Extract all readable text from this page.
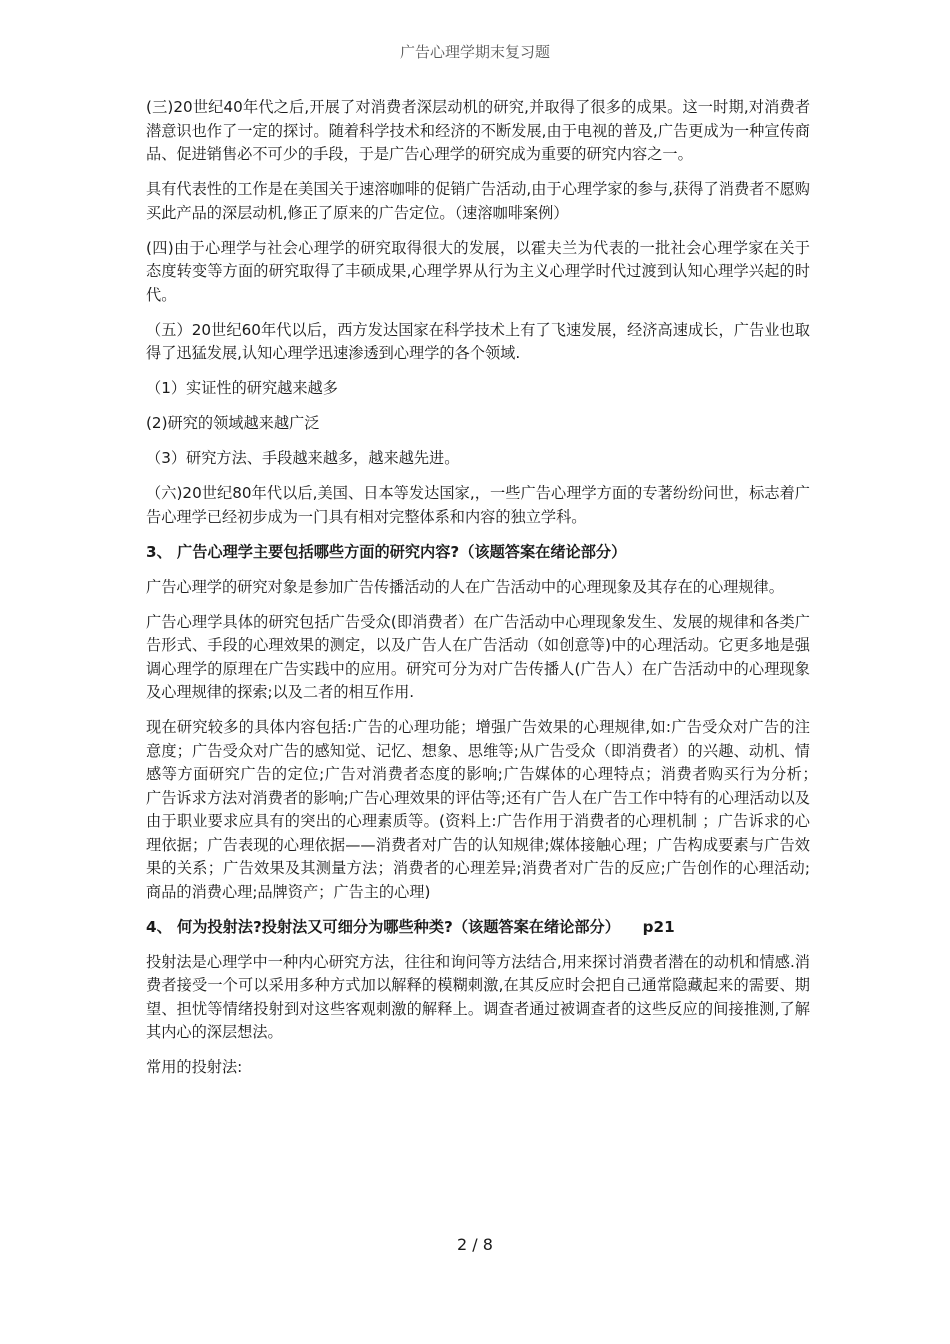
广告心理学期末复习题

(三)20世纪40年代之后,开展了对消费者深层动机的研究,并取得了很多的成果。这一时期,对消费者潜意识也作了一定的探讨。随着科学技术和经济的不断发展,由于电视的普及,广告更成为一种宣传商品、促进销售必不可少的手段，于是广告心理学的研究成为重要的研究内容之一。

具有代表性的工作是在美国关于速溶咖啡的促销广告活动,由于心理学家的参与,获得了消费者不愿购买此产品的深层动机,修正了原来的广告定位。（速溶咖啡案例）

(四)由于心理学与社会心理学的研究取得很大的发展，以霍夫兰为代表的一批社会心理学家在关于态度转变等方面的研究取得了丰硕成果,心理学界从行为主义心理学时代过渡到认知心理学兴起的时代。

（五）20世纪60年代以后，西方发达国家在科学技术上有了飞速发展，经济高速成长，广告业也取得了迅猛发展,认知心理学迅速渗透到心理学的各个领域.

（1）实证性的研究越来越多

(2)研究的领域越来越广泛

（3）研究方法、手段越来越多，越来越先进。

（六)20世纪80年代以后,美国、日本等发达国家,，一些广告心理学方面的专著纷纷问世，标志着广告心理学已经初步成为一门具有相对完整体系和内容的独立学科。

3、 广告心理学主要包括哪些方面的研究内容?（该题答案在绪论部分）

广告心理学的研究对象是参加广告传播活动的人在广告活动中的心理现象及其存在的心理规律。

广告心理学具体的研究包括广告受众(即消费者）在广告活动中心理现象发生、发展的规律和各类广告形式、手段的心理效果的测定，以及广告人在广告活动（如创意等)中的心理活动。它更多地是强调心理学的原理在广告实践中的应用。研究可分为对广告传播人(广告人）在广告活动中的心理现象及心理规律的探索;以及二者的相互作用.

现在研究较多的具体内容包括:广告的心理功能；增强广告效果的心理规律,如:广告受众对广告的注意度；广告受众对广告的感知觉、记忆、想象、思维等;从广告受众（即消费者）的兴趣、动机、情感等方面研究广告的定位;广告对消费者态度的影响;广告媒体的心理特点；消费者购买行为分析；　广告诉求方法对消费者的影响;广告心理效果的评估等;还有广告人在广告工作中特有的心理活动以及由于职业要求应具有的突出的心理素质等。(资料上:广告作用于消费者的心理机制 ；广告诉求的心理依据；广告表现的心理依据——消费者对广告的认知规律;媒体接触心理；广告构成要素与广告效果的关系；广告效果及其测量方法；消费者的心理差异;消费者对广告的反应;广告创作的心理活动;商品的消费心理;品牌资产；广告主的心理)

4、 何为投射法?投射法又可细分为哪些种类?（该题答案在绪论部分）　　p21

投射法是心理学中一种内心研究方法，往往和询问等方法结合,用来探讨消费者潜在的动机和情感.消费者接受一个可以采用多种方式加以解释的模糊刺激,在其反应时会把自己通常隐藏起来的需要、期望、担忧等情绪投射到对这些客观刺激的解释上。调查者通过被调查者的这些反应的间接推测,了解其内心的深层想法。

常用的投射法:

2 / 8
